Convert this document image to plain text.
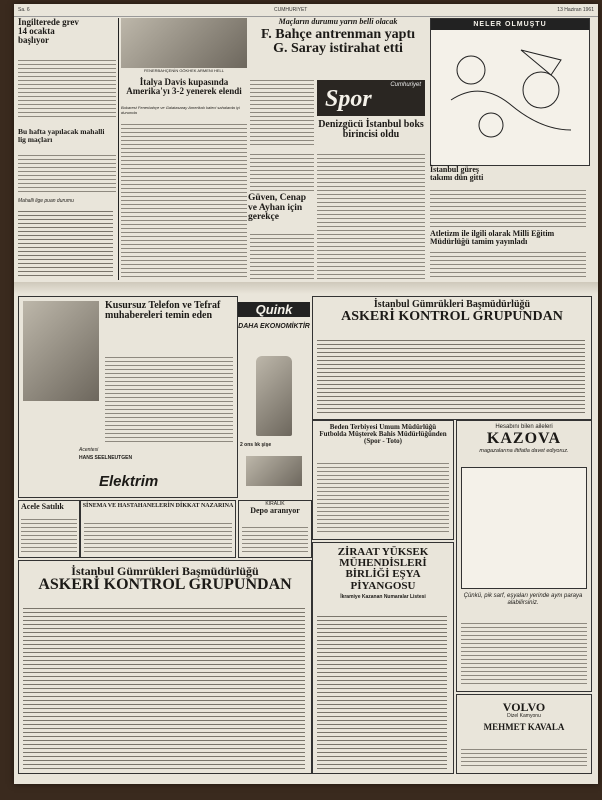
Sa. 6	CUMHURIYET	13 Haziran 1961
İngilterede grev 14 ocakta başlıyor
Bu hafta yapılacak mahalli lig maçları
Mahalli lige puan durumu
FENERBAHÇENİN GÖKHEK ARMENI HELL
İtalya Davis kupasında Amerika'yı 3-2 yenerek elendi
Bukarest Fenerbahçe ve Galatasaray Amerikalı kaleci sahalarda iyi durumda
Maçların durumu yarın belli olacak
F. Bahçe antrenman yaptı
G. Saray istirahat etti
Cumhuriyet
Spor
Denizgücü İstanbul boks birincisi oldu
Güven, Cenap ve Ayhan için gerekçe
NELER OLMUŞTU
İstanbul güreş takımı dün gitti
Atletizm ile ilgili olarak Milli Eğitim Müdürlüğü tamim yayınladı
Kusursuz Telefon ve Tefraf muhabereleri temin eden
Acentesi
HANS SEELNEUTGEN
Elektrim
Quink
DAHA EKONOMİKTİR
2 ons lık şişe
İstanbul Gümrükleri Başmüdürlüğü
ASKERİ KONTROL GRUPUNDAN
Beden Terbiyesi Umum Müdürlüğü Futbolda Müşterek Bahis Müdürlüğünden (Spor - Toto)
Hesabını bilen aileleri
KAZOVA
magazalarına iltifatla davet ediyoruz.
Çünkü, pik sarf, eşyaları yerinde aynı paraya alabilirsiniz.
Acele Satılık	SİNEMA VE HASTAHANELERİN DİKKAT NAZARINA	KİRALIK
Depo aranıyor
İstanbul Gümrükleri Başmüdürlüğü
ASKERİ KONTROL GRUPUNDAN
ZİRAAT YÜKSEK
MÜHENDİSLERİ
BİRLİĞİ EŞYA
PİYANGOSU
İkramiye Kazanan Numaralar Listesi
VOLVO
Dizel Kamyonu
MEHMET KAVALA
